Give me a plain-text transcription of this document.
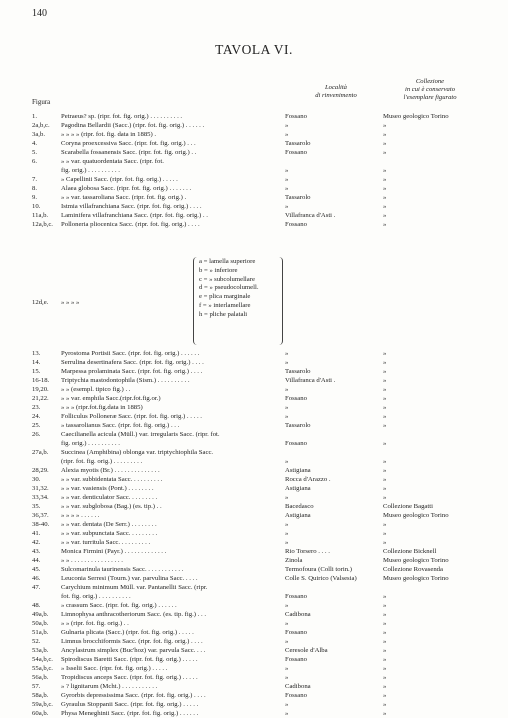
140
TAVOLA VI.
Figura
Località
di rinvenimento
Collezione
in cui è conservato
l'esemplare figurato
1.	Petraeus? sp. (ripr. fot. fig. orig.) . . . . . . . . . .	Fossano	Museo geologico Torino
2a,b,c.	Pagodina Bellardii (Sacc.) (ripr. fot. fig. orig.) . . . . . .	»	»
3a,b.	» » » » (ripr. fot. fig. data in 1885) .	»	»
4.	Coryna proexcessiva Sacc. (ripr. fot. fig. orig.) . . .	Tassarolo	»
5.	Scarabella fossanensis Sacc. (ripr. fot. fig. orig.) . .	Fossano	»
6.	» » var. quatuordentata Sacc. (ripr. fot.
fig. orig.) . . . . . . . . . .	»	»
7.	» Capellinii Sacc. (ripr. fot. fig. orig.) . . . . .	»	»
8.	Alaea globosa Sacc. (ripr. fot. fig. orig.) . . . . . . .	»	»
9.	» » var. tassaroliana Sacc. (ripr. fot. fig. orig.) .	Tassarolo	»
10.	Istmia villafranchiana Sacc. (ripr. fot. fig. orig.) . . . .	»	»
11a,b.	Laminifera villafranchiana Sacc. (ripr. fot. fig. orig.) . .	Villafranca d'Asti .	»
12a,b,c.	Polloneria pliocenica Sacc. (ripr. fot. fig. orig.) . . . .	Fossano	»
12d,e.	» » » »
13.	Pyrostoma Portisii Sacc. (ripr. fot. fig. orig.) . . . . . .	»	»
14.	Serrulina desertinafera Sacc. (ripr. fot. fig. orig.) . . . .	»	»
15.	Marpessa prolaminata Sacc. (ripr. fot. fig. orig.) . . . .	Tassarolo	»
16-18.	Triptychia mastodontophila (Sism.) . . . . . . . . . .	Villafranca d'Asti .	»
19,20.	» » (esempl. tipico fig.) . .	»	»
21,22.	» » var. emphila Sacc.(ripr.fot.fig.or.)	Fossano	»
23.	» » » (ripr.fot.fig.data in 1885)	»	»
24.	Folliculus Polloneræ Sacc. (ripr. fot. fig. orig.) . . . . .	»	»
25.	» tassarolianus Sacc. (ripr. fot. fig. orig.) . . .	Tassarolo	»
26.	Caecilianella acicula (Müll.) var. irregularis Sacc. (ripr. fot.
fig. orig.) . . . . . . . . . .	Fossano	»
27a,b.	Succinea (Amphibina) oblonga var. triptychiophila Sacc.
(ripr. fot. fig. orig.) . . . . . . . . .	»	»
28,29.	Alexia myotis (Br.) . . . . . . . . . . . . . .	Astigiana	»
30.	» » var. subbidentata Sacc. . . . . . . . . .	Rocca d'Arazzo .	»
31,32.	» » var. vasiensis (Pont.) . . . . . . . .	Astigiana	»
33,34.	» » var. denticulator Sacc. . . . . . . . .	»	»
35.	» » var. subglobosa (Bag.) (es. tip.) . .	Bacedasco	Collezione Bagatti
36,37.	» » » » . . . . . .	Astigiana	Museo geologico Torino
38-40.	» » var. dentata (De Serr.) . . . . . . . .	»	»
41.	» » var. subpunctata Sacc. . . . . . . . .	»	»
42.	» » var. turritula Sacc. . . . . . . . . .	»	»
43.	Monica Firmini (Payr.) . . . . . . . . . . . . .	Rio Torsero . . . .	Collezione Bicknell
44.	» » . . . . . . . . . . . . . . . .	Zinola	Museo geologico Torino
45.	Sulcomarinula taurinensis Sacc. . . . . . . . . . . .	Termofoura (Colli torin.)	Collezione Rovasenda
46.	Leuconia Serresi (Tourn.) var. parvulina Sacc. . . . .	Colle S. Quirico (Valsesia)	Museo geologico Torino
47.	Carychium minimum Müll. var. Pantanellii Sacc. (ripr.
fot. fig. orig.) . . . . . . . . . .	Fossano	»
48.	» crassum Sacc. (ripr. fot. fig. orig.) . . . . . .	»	»
49a,b.	Limnophysa anthracotheriorum Sacc. (es. tip. fig.) . . .	Cadibona	»
50a,b.	» » (ripr. fot. fig. orig.) . .	»	»
51a,b.	Gulnaria plicata (Sacc.) (ripr. fot. fig. orig.) . . . . .	Fossano	»
52.	Limnus brocchiformis Sacc. (ripr. fot. fig. orig.) . . . .	»	»
53a,b.	Ancylastrum simplex (Buc'hoz) var. parvula Sacc. . . .	Ceresole d'Alba	»
54a,b,c.	Spirodiscus Baretti Sacc. (ripr. fot. fig. orig.) . . . . .	Fossano	»
55a,b,c.	» Isselii Sacc. (ripr. fot. fig. orig.) . . . . .	»	»
56a,b.	Tropidiscus anceps Sacc. (ripr. fot. fig. orig.) . . . . .	»	»
57.	» ? lignitarum (Mcht.) . . . . . . . . . . .	Cadibona	»
58a,b.	Gyrorbis depressissima Sacc. (ripr. fot. fig. orig.) . . . .	Fossano	»
59a,b,c.	Gyraulus Stoppanii Sacc. (ripr. fot. fig. orig.) . . . . .	»	»
60a,b.	Physa Meneghinii Sacc. (ripr. fot. fig. orig.) . . . . . .	»	»
a = lamella superiore
b = » inferiore
c = » subcolumellare
d = » pseudocolumell.
e = plica marginale
f = » interlamellare
h = pliche palatali
